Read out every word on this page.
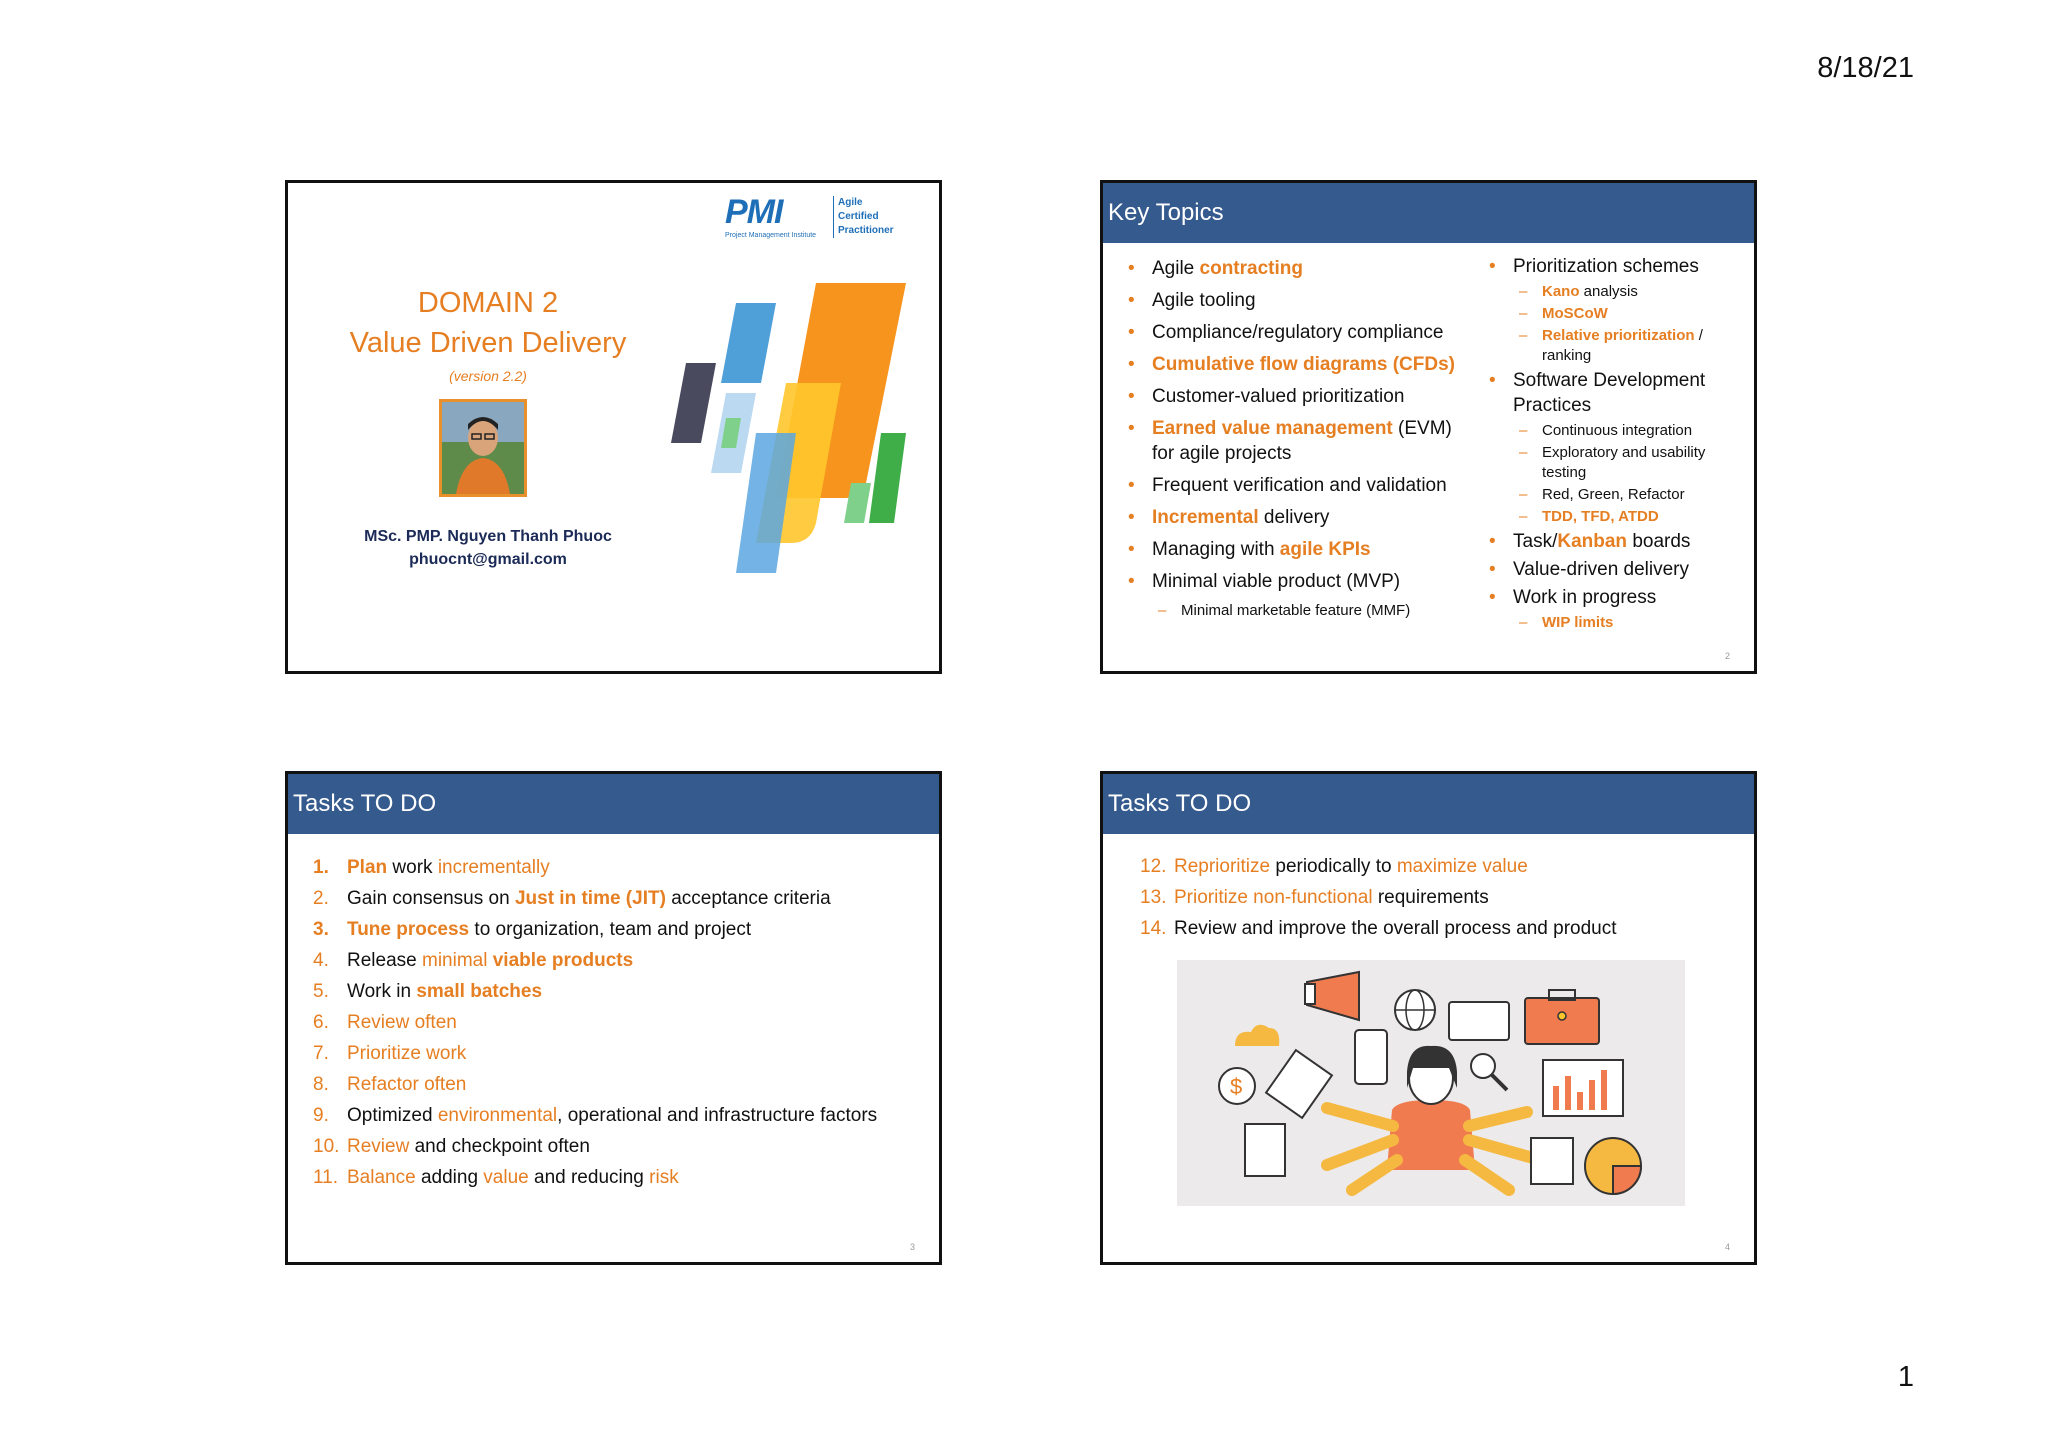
8/18/21
PMI
Project Management Institute
Agile
Certified
Practitioner
DOMAIN 2
Value Driven Delivery
(version 2.2)
MSc. PMP. Nguyen Thanh Phuoc
phuocnt@gmail.com
Key Topics
• Agile contracting
• Agile tooling
• Compliance/regulatory compliance
• Cumulative flow diagrams (CFDs)
• Customer-valued prioritization
• Earned value management (EVM) for agile projects
• Frequent verification and validation
• Incremental delivery
• Managing with agile KPIs
• Minimal viable product (MVP)
– Minimal marketable feature (MMF)
• Prioritization schemes
– Kano analysis
– MoSCoW
– Relative prioritization / ranking
• Software Development Practices
– Continuous integration
– Exploratory and usability testing
– Red, Green, Refactor
– TDD, TFD, ATDD
• Task/Kanban boards
• Value-driven delivery
• Work in progress
– WIP limits
2
Tasks TO DO
1. Plan work incrementally
2. Gain consensus on Just in time (JIT) acceptance criteria
3. Tune process to organization, team and project
4. Release minimal viable products
5. Work in small batches
6. Review often
7. Prioritize work
8. Refactor often
9. Optimized environmental, operational and infrastructure factors
10. Review and checkpoint often
11. Balance adding value and reducing risk
3
Tasks TO DO
12. Reprioritize periodically to maximize value
13. Prioritize non-functional requirements
14. Review and improve the overall process and product
$
4
1
